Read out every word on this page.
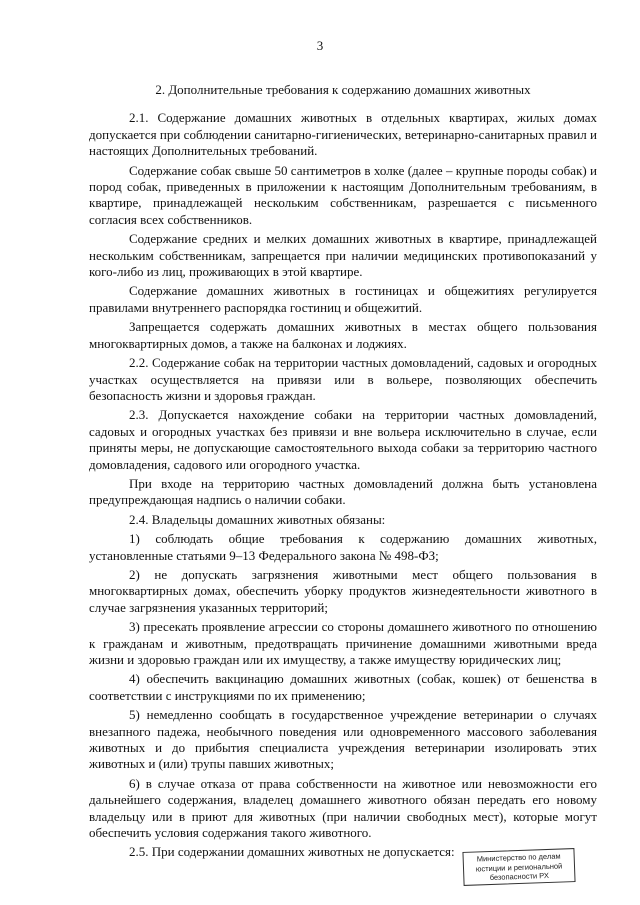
3
2. Дополнительные требования к содержанию домашних животных

2.1. Содержание домашних животных в отдельных квартирах, жилых домах допускается при соблюдении санитарно-гигиенических, ветеринарно-санитарных правил и настоящих Дополнительных требований.

Содержание собак свыше 50 сантиметров в холке (далее – крупные породы собак) и пород собак, приведенных в приложении к настоящим Дополнительным требованиям, в квартире, принадлежащей нескольким собственникам, разрешается с письменного согласия всех собственников.

Содержание средних и мелких домашних животных в квартире, принадлежащей нескольким собственникам, запрещается при наличии медицинских противопоказаний у кого-либо из лиц, проживающих в этой квартире.

Содержание домашних животных в гостиницах и общежитиях регулируется правилами внутреннего распорядка гостиниц и общежитий.

Запрещается содержать домашних животных в местах общего пользования многоквартирных домов, а также на балконах и лоджиях.

2.2. Содержание собак на территории частных домовладений, садовых и огородных участках осуществляется на привязи или в вольере, позволяющих обеспечить безопасность жизни и здоровья граждан.

2.3. Допускается нахождение собаки на территории частных домовладений, садовых и огородных участках без привязи и вне вольера исключительно в случае, если приняты меры, не допускающие самостоятельного выхода собаки за территорию частного домовладения, садового или огородного участка.

При входе на территорию частных домовладений должна быть установлена предупреждающая надпись о наличии собаки.

2.4. Владельцы домашних животных обязаны:

1) соблюдать общие требования к содержанию домашних животных, установленные статьями 9–13 Федерального закона № 498-ФЗ;

2) не допускать загрязнения животными мест общего пользования в многоквартирных домах, обеспечить уборку продуктов жизнедеятельности животного в случае загрязнения указанных территорий;

3) пресекать проявление агрессии со стороны домашнего животного по отношению к гражданам и животным, предотвращать причинение домашними животными вреда жизни и здоровью граждан или их имуществу, а также имуществу юридических лиц;

4) обеспечить вакцинацию домашних животных (собак, кошек) от бешенства в соответствии с инструкциями по их применению;

5) немедленно сообщать в государственное учреждение ветеринарии о случаях внезапного падежа, необычного поведения или одновременного массового заболевания животных и до прибытия специалиста учреждения ветеринарии изолировать этих животных и (или) трупы павших животных;

6) в случае отказа от права собственности на животное или невозможности его дальнейшего содержания, владелец домашнего животного обязан передать его новому владельцу или в приют для животных (при наличии свободных мест), которые могут обеспечить условия содержания такого животного.

2.5. При содержании домашних животных не допускается:	Министерство по делам
юстиции и региональной
безопасности РХ
